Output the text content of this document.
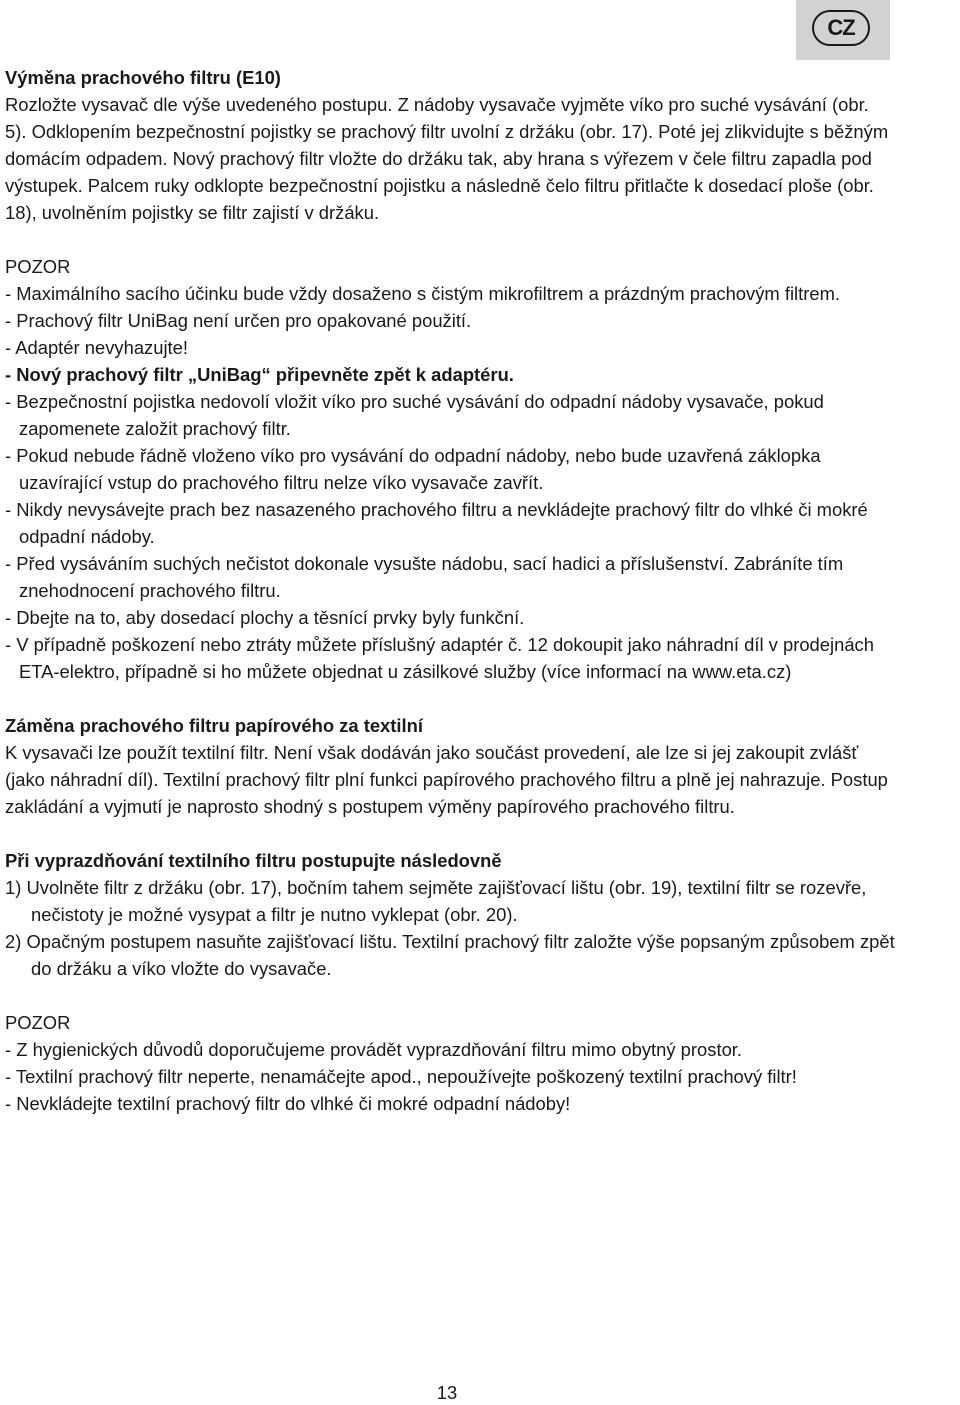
CZ

Výměna prachového filtru (E10)

Rozložte vysavač dle výše uvedeného postupu. Z nádoby vysavače vyjměte víko pro suché vysávání (obr. 5). Odklopením bezpečnostní pojistky se prachový filtr uvolní z držáku (obr. 17). Poté jej zlikvidujte s běžným domácím odpadem. Nový prachový filtr vložte do držáku tak, aby hrana s výřezem v čele filtru zapadla pod výstupek. Palcem ruky odklopte bezpečnostní pojistku a následně čelo filtru přitlačte k dosedací ploše (obr. 18), uvolněním pojistky se filtr zajistí v držáku.

POZOR

- Maximálního sacího účinku bude vždy dosaženo s čistým mikrofiltrem a prázdným prachovým filtrem.
- Prachový filtr UniBag není určen pro opakované použití.
- Adaptér nevyhazujte!
- Nový prachový filtr „UniBag“ připevněte zpět k adaptéru.
- Bezpečnostní pojistka nedovolí vložit víko pro suché vysávání do odpadní nádoby vysavače, pokud zapomenete založit prachový filtr.
- Pokud nebude řádně vloženo víko pro vysávání do odpadní nádoby, nebo bude uzavřená záklopka uzavírající vstup do prachového filtru nelze víko vysavače zavřít.
- Nikdy nevysávejte prach bez nasazeného prachového filtru a nevkládejte prachový filtr do vlhké či mokré odpadní nádoby.
- Před vysáváním suchých nečistot dokonale vysušte nádobu, sací hadici a příslušenství. Zabráníte tím znehodnocení prachového filtru.
- Dbejte na to, aby dosedací plochy a těsnící prvky byly funkční.
- V případně poškození nebo ztráty můžete příslušný adaptér č. 12 dokoupit jako náhradní díl v prodejnách ETA-elektro, případně si ho můžete objednat u zásilkové služby (více informací na www.eta.cz)

Záměna prachového filtru papírového za textilní

K vysavači lze použít textilní filtr. Není však dodáván jako součást provedení, ale lze si jej zakoupit zvlášť (jako náhradní díl). Textilní prachový filtr plní funkci papírového prachového filtru a plně jej nahrazuje. Postup zakládání a vyjmutí je naprosto shodný s postupem výměny papírového prachového filtru.

Při vyprazdňování textilního filtru postupujte následovně

1) Uvolněte filtr z držáku (obr. 17), bočním tahem sejměte zajišťovací lištu (obr. 19), textilní filtr se rozevře, nečistoty je možné vysypat a filtr je nutno vyklepat (obr. 20).
2) Opačným postupem nasuňte zajišťovací lištu. Textilní prachový filtr založte výše popsaným způsobem zpět do držáku a víko vložte do vysavače.

POZOR

- Z hygienických důvodů doporučujeme provádět vyprazdňování filtru mimo obytný prostor.
- Textilní prachový filtr neperte, nenamáčejte apod., nepoužívejte poškozený textilní prachový filtr!
- Nevkládejte textilní prachový filtr do vlhké či mokré odpadní nádoby!
13
